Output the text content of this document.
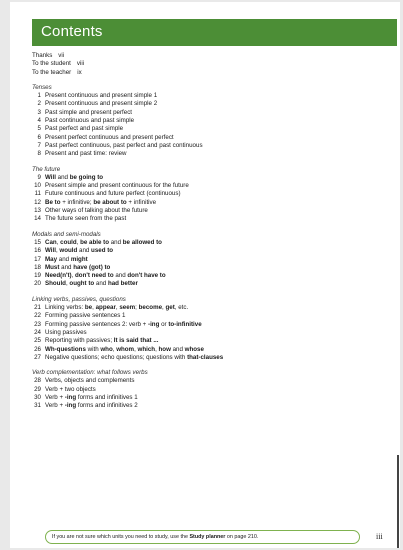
Contents
Thanks vii
To the student viii
To the teacher ix
Tenses
1 Present continuous and present simple 1
2 Present continuous and present simple 2
3 Past simple and present perfect
4 Past continuous and past simple
5 Past perfect and past simple
6 Present perfect continuous and present perfect
7 Past perfect continuous, past perfect and past continuous
8 Present and past time: review
The future
9 Will and be going to
10 Present simple and present continuous for the future
11 Future continuous and future perfect (continuous)
12 Be to + infinitive; be about to + infinitive
13 Other ways of talking about the future
14 The future seen from the past
Modals and semi-modals
15 Can, could, be able to and be allowed to
16 Will, would and used to
17 May and might
18 Must and have (got) to
19 Need(n't), don't need to and don't have to
20 Should, ought to and had better
Linking verbs, passives, questions
21 Linking verbs: be, appear, seem; become, get, etc.
22 Forming passive sentences 1
23 Forming passive sentences 2: verb + -ing or to-infinitive
24 Using passives
25 Reporting with passives; It is said that ...
26 Wh-questions with who, whom, which, how and whose
27 Negative questions; echo questions; questions with that-clauses
Verb complementation: what follows verbs
28 Verbs, objects and complements
29 Verb + two objects
30 Verb + -ing forms and infinitives 1
31 Verb + -ing forms and infinitives 2
If you are not sure which units you need to study, use the Study planner on page 210.	iii
